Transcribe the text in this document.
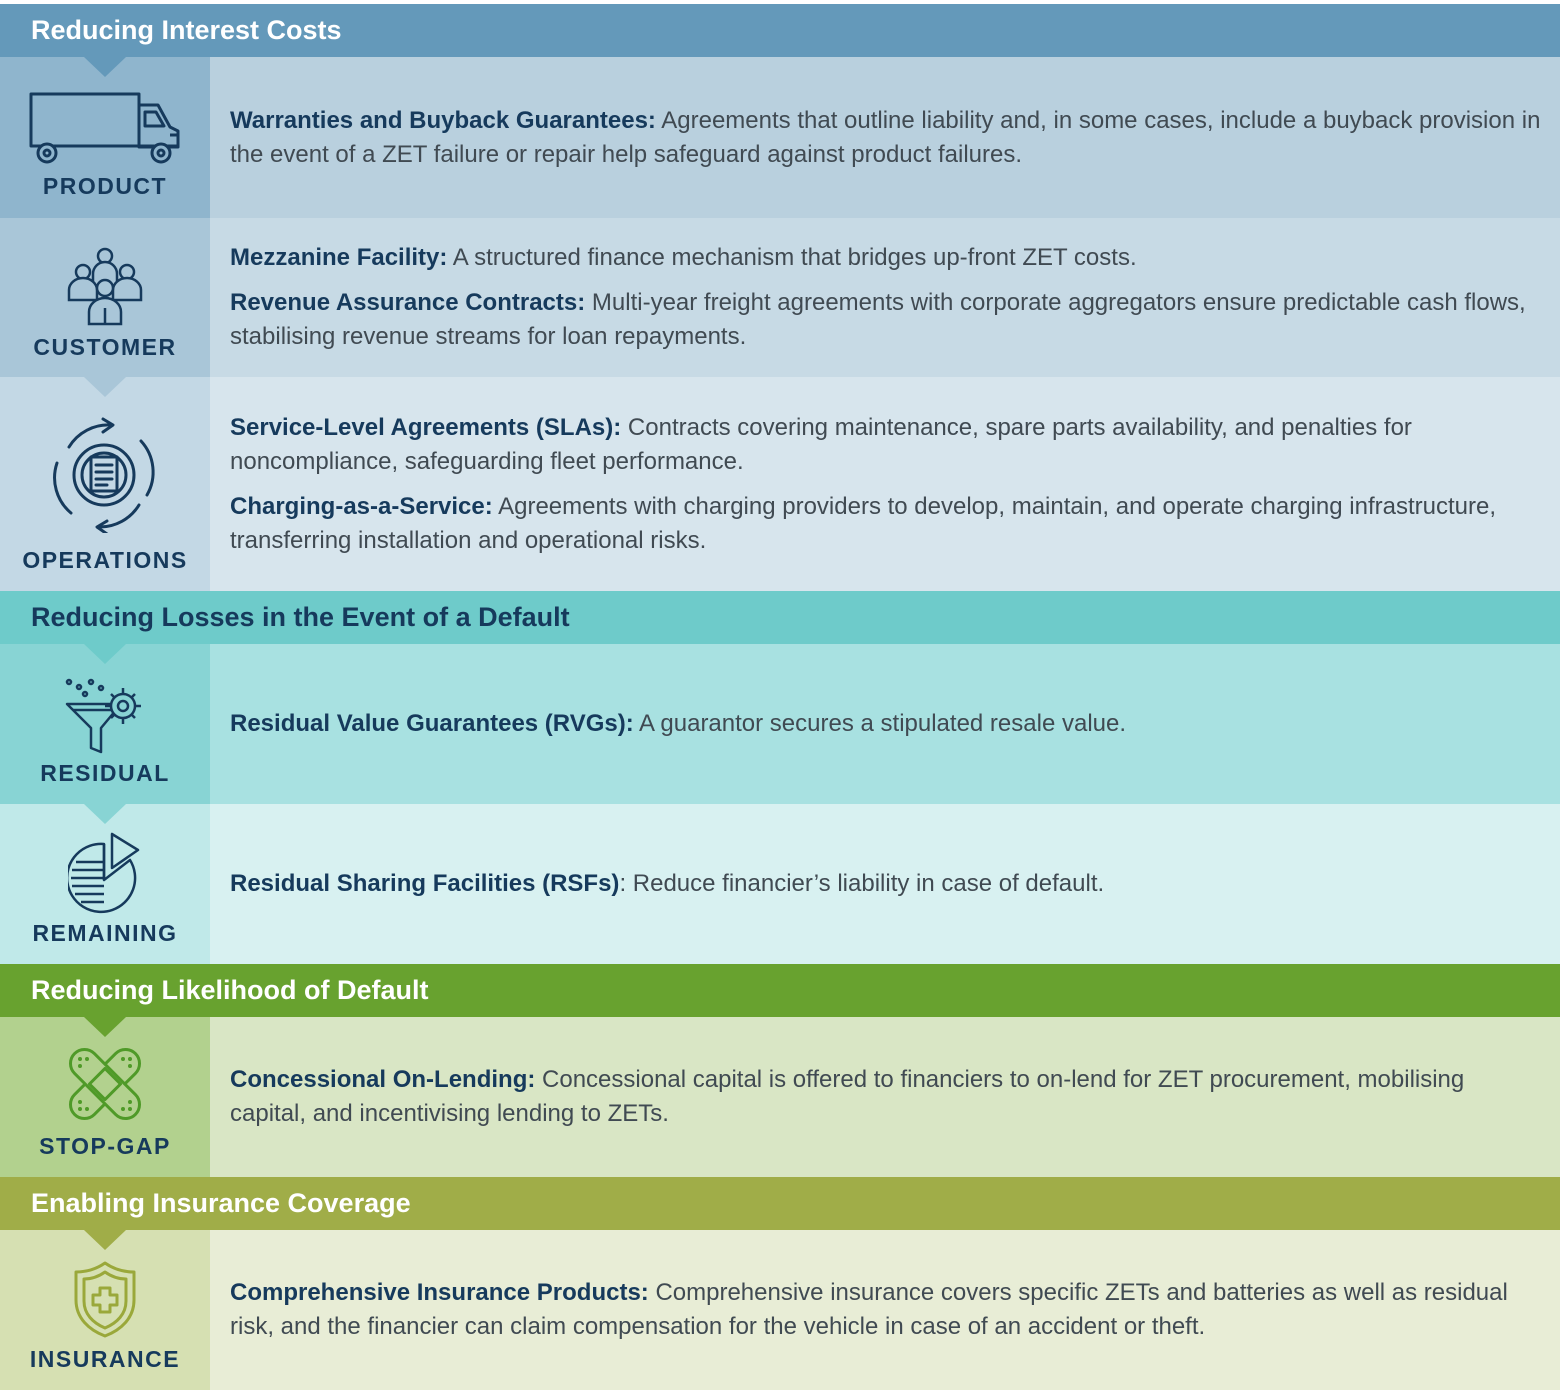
Reducing Interest Costs
PRODUCT
Warranties and Buyback Guarantees: Agreements that outline liability and, in some cases, include a buyback provision in the event of a ZET failure or repair help safeguard against product failures.
CUSTOMER
Mezzanine Facility: A structured finance mechanism that bridges up-front ZET costs.
Revenue Assurance Contracts: Multi-year freight agreements with corporate aggregators ensure predictable cash flows, stabilising revenue streams for loan repayments.
OPERATIONS
Service-Level Agreements (SLAs): Contracts covering maintenance, spare parts availability, and penalties for noncompliance, safeguarding fleet performance.
Charging-as-a-Service: Agreements with charging providers to develop, maintain, and operate charging infrastructure, transferring installation and operational risks.
Reducing Losses in the Event of a Default
RESIDUAL
Residual Value Guarantees (RVGs): A guarantor secures a stipulated resale value.
REMAINING
Residual Sharing Facilities (RSFs): Reduce financier’s liability in case of default.
Reducing Likelihood of Default
STOP-GAP
Concessional On-Lending: Concessional capital is offered to financiers to on-lend for ZET procurement, mobilising capital, and incentivising lending to ZETs.
Enabling Insurance Coverage
INSURANCE
Comprehensive Insurance Products: Comprehensive insurance covers specific ZETs and batteries as well as residual risk, and the financier can claim compensation for the vehicle in case of an accident or theft.
